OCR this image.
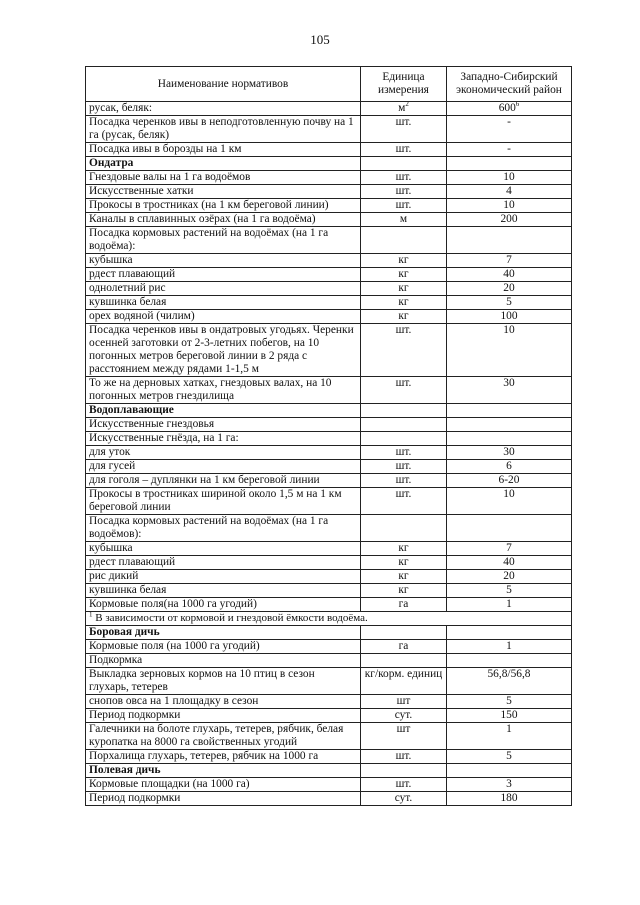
105
Наименование нормативов	Единица измерения	Западно-Сибирский экономический район
русак, беляк:	$м^2$	$600^6$
Посадка черенков ивы в неподготовленную почву на 1 га (русак, беляк)	шт.	-
Посадка ивы в борозды на 1 км	шт.	-
Ондатра		
Гнездовые валы на 1 га водоёмов	шт.	10
Искусственные хатки	шт.	4
Прокосы в тростниках (на 1 км береговой линии)	шт.	10
Каналы в сплавинных озёрах (на 1 га водоёма)	м	200
Посадка кормовых растений на водоёмах (на 1 га водоёма):		
кубышка	кг	7
рдест плавающий	кг	40
однолетний рис	кг	20
кувшинка белая	кг	5
орех водяной (чилим)	кг	100
Посадка черенков ивы в ондатровых угодьях. Черенки осенней заготовки от 2-3-летних побегов, на 10 погонных метров береговой линии в 2 ряда с расстоянием между рядами 1-1,5 м	шт.	10
То же на дерновых хатках, гнездовых валах, на 10 погонных метров гнездилища	шт.	30
Водоплавающие		
Искусственные гнездовья		
Искусственные гнёзда, на 1 га:		
для уток	шт.	30
для гусей	шт.	6
для гоголя – дуплянки на 1 км береговой линии	шт.	6-20
Прокосы в тростниках шириной около 1,5 м на 1 км береговой линии	шт.	10
Посадка кормовых растений на водоёмах (на 1 га водоёмов):		
кубышка	кг	7
рдест плавающий	кг	40
рис дикий	кг	20
кувшинка белая	кг	5
Кормовые поля(на 1000 га угодий)	га	1
$^1$ В зависимости от кормовой и гнездовой ёмкости водоёма.		
Боровая дичь		
Кормовые поля (на 1000 га угодий)	га	1
Подкормка		
Выкладка зерновых кормов на 10 птиц в сезон глухарь, тетерев	кг/корм. единиц	56,8/56,8
снопов овса на 1 площадку в сезон	шт	5
Период подкормки	сут.	150
Галечники на болоте глухарь, тетерев, рябчик, белая куропатка на 8000 га свойственных угодий	шт	1
Порхалища глухарь, тетерев, рябчик на 1000 га	шт.	5
Полевая дичь		
Кормовые площадки (на 1000 га)	шт.	3
Период подкормки	сут.	180
